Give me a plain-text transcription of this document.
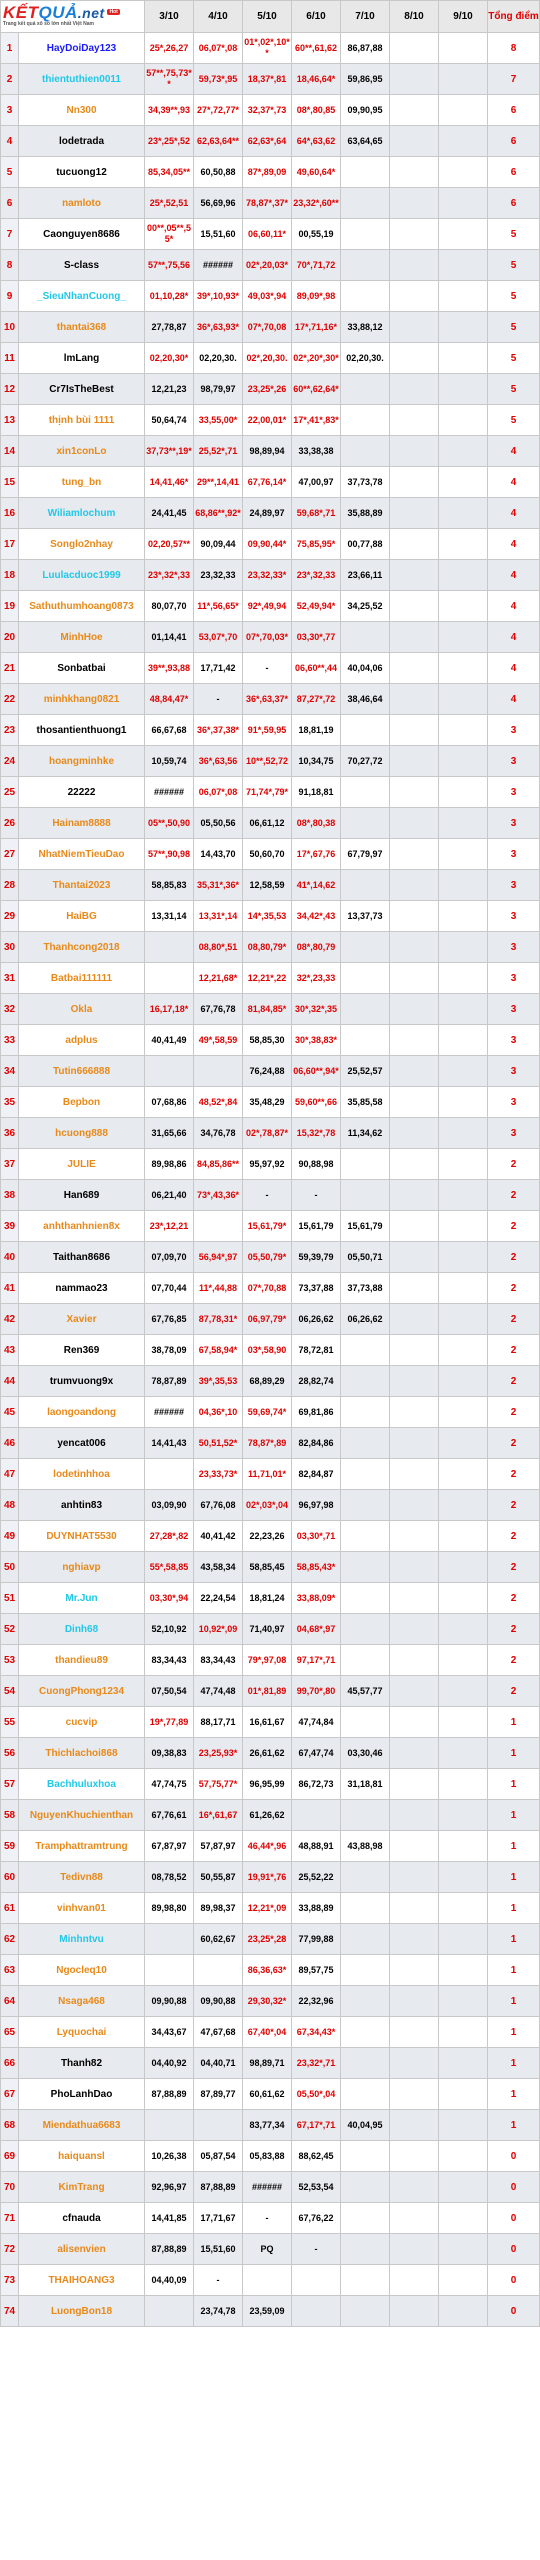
KẾTQUẢ.net $^{Hot}$
Trang kết quả xổ số lớn nhất Việt Nam		3/10	4/10	5/10	6/10	7/10	8/10	9/10	Tổng điểm
1	HayDoiDay123	25*,26,27	06,07*,08	01*,02*,10**	60**,61,62	86,87,88			8
2	thientuthien0011	57**,75,73**	59,73*,95	18,37*,81	18,46,64*	59,86,95			7
3	Nn300	34,39**,93	27*,72,77*	32,37*,73	08*,80,85	09,90,95			6
4	lodetrada	23*,25*,52	62,63,64**	62,63*,64	64*,63,62	63,64,65			6
5	tucuong12	85,34,05**	60,50,88	87*,89,09	49,60,64*				6
6	namloto	25*,52,51	56,69,96	78,87*,37*	23,32*,60**				6
7	Caonguyen8686	00**,05**,55*	15,51,60	06,60,11*	00,55,19				5
8	S-class	57**,75,56	######	02*,20,03*	70*,71,72				5
9	_SieuNhanCuong_	01,10,28*	39*,10,93*	49,03*,94	89,09*,98				5
10	thantai368	27,78,87	36*,63,93*	07*,70,08	17*,71,16*	33,88,12			5
11	lmLang	02,20,30*	02,20,30.	02*,20,30.	02*,20*,30*	02,20,30.			5
12	Cr7IsTheBest	12,21,23	98,79,97	23,25*,26	60**,62,64*				5
13	thịnh bùi 1111	50,64,74	33,55,00*	22,00,01*	17*,41*,83*				5
14	xin1conLo	37,73**,19*	25,52*,71	98,89,94	33,38,38				4
15	tung_bn	14,41,46*	29**,14,41	67,76,14*	47,00,97	37,73,78			4
16	Wiliamlochum	24,41,45	68,86**,92*	24,89,97	59,68*,71	35,88,89			4
17	Songlo2nhay	02,20,57**	90,09,44	09,90,44*	75,85,95*	00,77,88			4
18	Luulacduoc1999	23*,32*,33	23,32,33	23,32,33*	23*,32,33	23,66,11			4
19	Sathuthumhoang0873	80,07,70	11*,56,65*	92*,49,94	52,49,94*	34,25,52			4
20	MinhHoe	01,14,41	53,07*,70	07*,70,03*	03,30*,77				4
21	Sonbatbai	39**,93,88	17,71,42	-	06,60**,44	40,04,06			4
22	minhkhang0821	48,84,47*	-	36*,63,37*	87,27*,72	38,46,64			4
23	thosantienthuong1	66,67,68	36*,37,38*	91*,59,95	18,81,19				3
24	hoangminhke	10,59,74	36*,63,56	10**,52,72	10,34,75	70,27,72			3
25	22222	######	06,07*,08	71,74*,79*	91,18,81				3
26	Hainam8888	05**,50,90	05,50,56	06,61,12	08*,80,38				3
27	NhatNiemTieuDao	57**,90,98	14,43,70	50,60,70	17*,67,76	67,79,97			3
28	Thantai2023	58,85,83	35,31*,36*	12,58,59	41*,14,62				3
29	HaiBG	13,31,14	13,31*,14	14*,35,53	34,42*,43	13,37,73			3
30	Thanhcong2018		08,80*,51	08,80,79*	08*,80,79				3
31	Batbai111111		12,21,68*	12,21*,22	32*,23,33				3
32	Okla	16,17,18*	67,76,78	81,84,85*	30*,32*,35				3
33	adplus	40,41,49	49*,58,59	58,85,30	30*,38,83*				3
34	Tutin666888			76,24,88	06,60**,94*	25,52,57			3
35	Bepbon	07,68,86	48,52*,84	35,48,29	59,60**,66	35,85,58			3
36	hcuong888	31,65,66	34,76,78	02*,78,87*	15,32*,78	11,34,62			3
37	JULIE	89,98,86	84,85,86**	95,97,92	90,88,98				2
38	Han689	06,21,40	73*,43,36*	-	-				2
39	anhthanhnien8x	23*,12,21		15,61,79*	15,61,79	15,61,79			2
40	Taithan8686	07,09,70	56,94*,97	05,50,79*	59,39,79	05,50,71			2
41	nammao23	07,70,44	11*,44,88	07*,70,88	73,37,88	37,73,88			2
42	Xavier	67,76,85	87,78,31*	06,97,79*	06,26,62	06,26,62			2
43	Ren369	38,78,09	67,58,94*	03*,58,90	78,72,81				2
44	trumvuong9x	78,87,89	39*,35,53	68,89,29	28,82,74				2
45	laongoandong	######	04,36*,10	59,69,74*	69,81,86				2
46	yencat006	14,41,43	50,51,52*	78,87*,89	82,84,86				2
47	lodetinhhoa		23,33,73*	11,71,01*	82,84,87				2
48	anhtin83	03,09,90	67,76,08	02*,03*,04	96,97,98				2
49	DUYNHAT5530	27,28*,82	40,41,42	22,23,26	03,30*,71				2
50	nghiavp	55*,58,85	43,58,34	58,85,45	58,85,43*				2
51	Mr.Jun	03,30*,94	22,24,54	18,81,24	33,88,09*				2
52	Dinh68	52,10,92	10,92*,09	71,40,97	04,68*,97				2
53	thandieu89	83,34,43	83,34,43	79*,97,08	97,17*,71				2
54	CuongPhong1234	07,50,54	47,74,48	01*,81,89	99,70*,80	45,57,77			2
55	cucvip	19*,77,89	88,17,71	16,61,67	47,74,84				1
56	Thichlachoi868	09,38,83	23,25,93*	26,61,62	67,47,74	03,30,46			1
57	Bachhuluxhoa	47,74,75	57,75,77*	96,95,99	86,72,73	31,18,81			1
58	NguyenKhuchienthan	67,76,61	16*,61,67	61,26,62					1
59	Tramphattramtrung	67,87,97	57,87,97	46,44*,96	48,88,91	43,88,98			1
60	Tedivn88	08,78,52	50,55,87	19,91*,76	25,52,22				1
61	vinhvan01	89,98,80	89,98,37	12,21*,09	33,88,89				1
62	Minhntvu		60,62,67	23,25*,28	77,99,88				1
63	Ngocleq10			86,36,63*	89,57,75				1
64	Nsaga468	09,90,88	09,90,88	29,30,32*	22,32,96				1
65	Lyquochai	34,43,67	47,67,68	67,40*,04	67,34,43*				1
66	Thanh82	04,40,92	04,40,71	98,89,71	23,32*,71				1
67	PhoLanhDao	87,88,89	87,89,77	60,61,62	05,50*,04				1
68	Miendathua6683			83,77,34	67,17*,71	40,04,95			1
69	haiquansl	10,26,38	05,87,54	05,83,88	88,62,45				0
70	KimTrang	92,96,97	87,88,89	######	52,53,54				0
71	cfnauda	14,41,85	17,71,67	-	67,76,22				0
72	alisenvien	87,88,89	15,51,60	PQ	-				0
73	THAIHOANG3	04,40,09	-						0
74	LuongBon18		23,74,78	23,59,09					0
